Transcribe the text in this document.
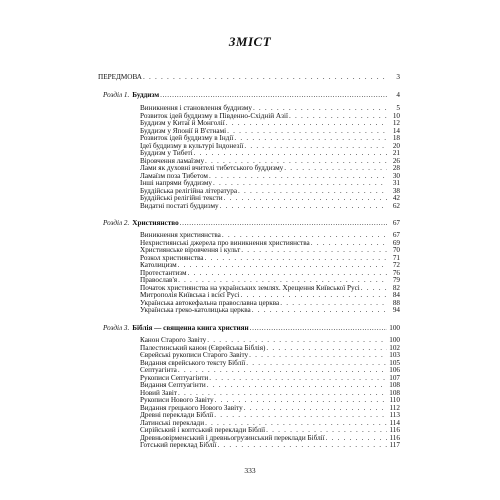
ЗМІСТ
ПЕРЕДМОВА . . .	3
Розділ 1. Буддизм .....	4
Виникнення і становлення буддизму . . .	5
Розвиток ідей буддизму в Південно-Східній Азії . . .	10
Буддизм у Китаї й Монголії . . .	12
Буддизм у Японії й В'єтнамі . . .	14
Розвиток ідей буддизму в Індії . . .	18
Ідеї буддизму в культурі Індонезії . . .	20
Буддизм у Тибеті . . .	21
Віровчення ламаїзму . . .	26
Лами як духовні вчителі тибетського буддизму . . .	28
Ламаїзм поза Тибетом . . .	30
Інші напрями буддизму . . .	31
Буддійська релігійна література . . .	38
Буддійські релігійні тексти . . .	42
Видатні постаті буддизму . . .	62
Розділ 2. Християнство .....	67
Виникнення християнства . . .	67
Нехристиянські джерела про виникнення християнства . . .	69
Християнське віровчення і культ . . .	70
Розкол християнства . . .	71
Католицизм . . .	72
Протестантизм . . .	76
Православ'я . . .	79
Початок християнства на українських землях. Хрещення Київської Русі . . .	82
Митрополія Київська і всієї Русі . . .	84
Українська автокефальна православна церква . . .	88
Українська греко-католицька церква . . .	94
Розділ 3. Біблія — священна книга християн .....	100
Канон Старого Завіту . . .	100
Палестинський канон (Єврейська Біблія) . . .	102
Єврейські рукописи Старого Завіту . . .	103
Видання єврейського тексту Біблії . . .	105
Септуагінта . . .	106
Рукописи Септуагінти . . .	107
Видання Септуагінти . . .	108
Новий Завіт . . .	108
Рукописи Нового Завіту . . .	110
Видання грецького Нового Завіту . . .	112
Древні переклади Біблії . . .	113
Латинські переклади . . .	114
Сирійський і коптський переклади Біблії . . .	116
Древньовірменський і древньогрузинський переклади Біблії . . .	116
Готський переклад Біблії . . .	117
333
